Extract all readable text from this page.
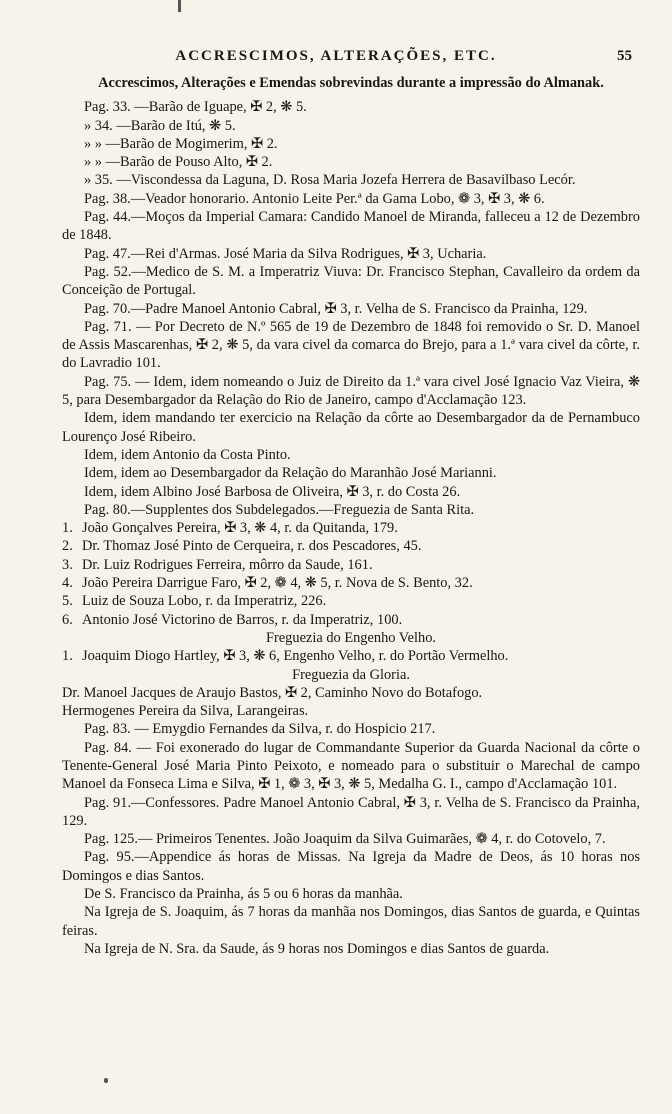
ACCRESCIMOS, ALTERAÇÕES, ETC.	55

Accrescimos, Alterações e Emendas sobrevindas durante a impressão do Almanak.

Pag. 33. —Barão de Iguape, ✠ 2, ❋ 5.

» 34. —Barão de Itú, ❋ 5.

» » —Barão de Mogimerim, ✠ 2.

» » —Barão de Pouso Alto, ✠ 2.

» 35. —Viscondessa da Laguna, D. Rosa Maria Jozefa Herrera de Basavilbaso Lecór.

Pag. 38.—Veador honorario. Antonio Leite Per.ª da Gama Lobo, ❁ 3, ✠ 3, ❋ 6.

Pag. 44.—Moços da Imperial Camara: Candido Manoel de Miranda, falleceu a 12 de Dezembro de 1848.

Pag. 47.—Rei d'Armas. José Maria da Silva Rodrigues, ✠ 3, Ucharia.

Pag. 52.—Medico de S. M. a Imperatriz Viuva: Dr. Francisco Stephan, Cavalleiro da ordem da Conceição de Portugal.

Pag. 70.—Padre Manoel Antonio Cabral, ✠ 3, r. Velha de S. Francisco da Prainha, 129.

Pag. 71. — Por Decreto de N.º 565 de 19 de Dezembro de 1848 foi removido o Sr. D. Manoel de Assis Mascarenhas, ✠ 2, ❋ 5, da vara civel da comarca do Brejo, para a 1.ª vara civel da côrte, r. do Lavradio 101.

Pag. 75. — Idem, idem nomeando o Juiz de Direito da 1.ª vara civel José Ignacio Vaz Vieira, ❋ 5, para Desembargador da Relação do Rio de Janeiro, campo d'Acclamação 123.

Idem, idem mandando ter exercicio na Relação da côrte ao Desembargador da de Pernambuco Lourenço José Ribeiro.

Idem, idem Antonio da Costa Pinto.

Idem, idem ao Desembargador da Relação do Maranhão José Marianni.

Idem, idem Albino José Barbosa de Oliveira, ✠ 3, r. do Costa 26.

Pag. 80.—Supplentes dos Subdelegados.—Freguezia de Santa Rita.

1. João Gonçalves Pereira, ✠ 3, ❋ 4, r. da Quitanda, 179.

2. Dr. Thomaz José Pinto de Cerqueira, r. dos Pescadores, 45.

3. Dr. Luiz Rodrigues Ferreira, môrro da Saude, 161.

4. João Pereira Darrigue Faro, ✠ 2, ❁ 4, ❋ 5, r. Nova de S. Bento, 32.

5. Luiz de Souza Lobo, r. da Imperatriz, 226.

6. Antonio José Victorino de Barros, r. da Imperatriz, 100.

Freguezia do Engenho Velho.

1. Joaquim Diogo Hartley, ✠ 3, ❋ 6, Engenho Velho, r. do Portão Vermelho.

Freguezia da Gloria.

Dr. Manoel Jacques de Araujo Bastos, ✠ 2, Caminho Novo do Botafogo.

Hermogenes Pereira da Silva, Larangeiras.

Pag. 83. — Emygdio Fernandes da Silva, r. do Hospicio 217.

Pag. 84. — Foi exonerado do lugar de Commandante Superior da Guarda Nacional da côrte o Tenente-General José Maria Pinto Peixoto, e nomeado para o substituir o Marechal de campo Manoel da Fonseca Lima e Silva, ✠ 1, ❁ 3, ✠ 3, ❋ 5, Medalha G. I., campo d'Acclamação 101.

Pag. 91.—Confessores. Padre Manoel Antonio Cabral, ✠ 3, r. Velha de S. Francisco da Prainha, 129.

Pag. 125.— Primeiros Tenentes. João Joaquim da Silva Guimarães, ❁ 4, r. do Cotovelo, 7.

Pag. 95.—Appendice ás horas de Missas. Na Igreja da Madre de Deos, ás 10 horas nos Domingos e dias Santos.

De S. Francisco da Prainha, ás 5 ou 6 horas da manhãa.

Na Igreja de S. Joaquim, ás 7 horas da manhãa nos Domingos, dias Santos de guarda, e Quintas feiras.

Na Igreja de N. Sra. da Saude, ás 9 horas nos Domingos e dias Santos de guarda.
